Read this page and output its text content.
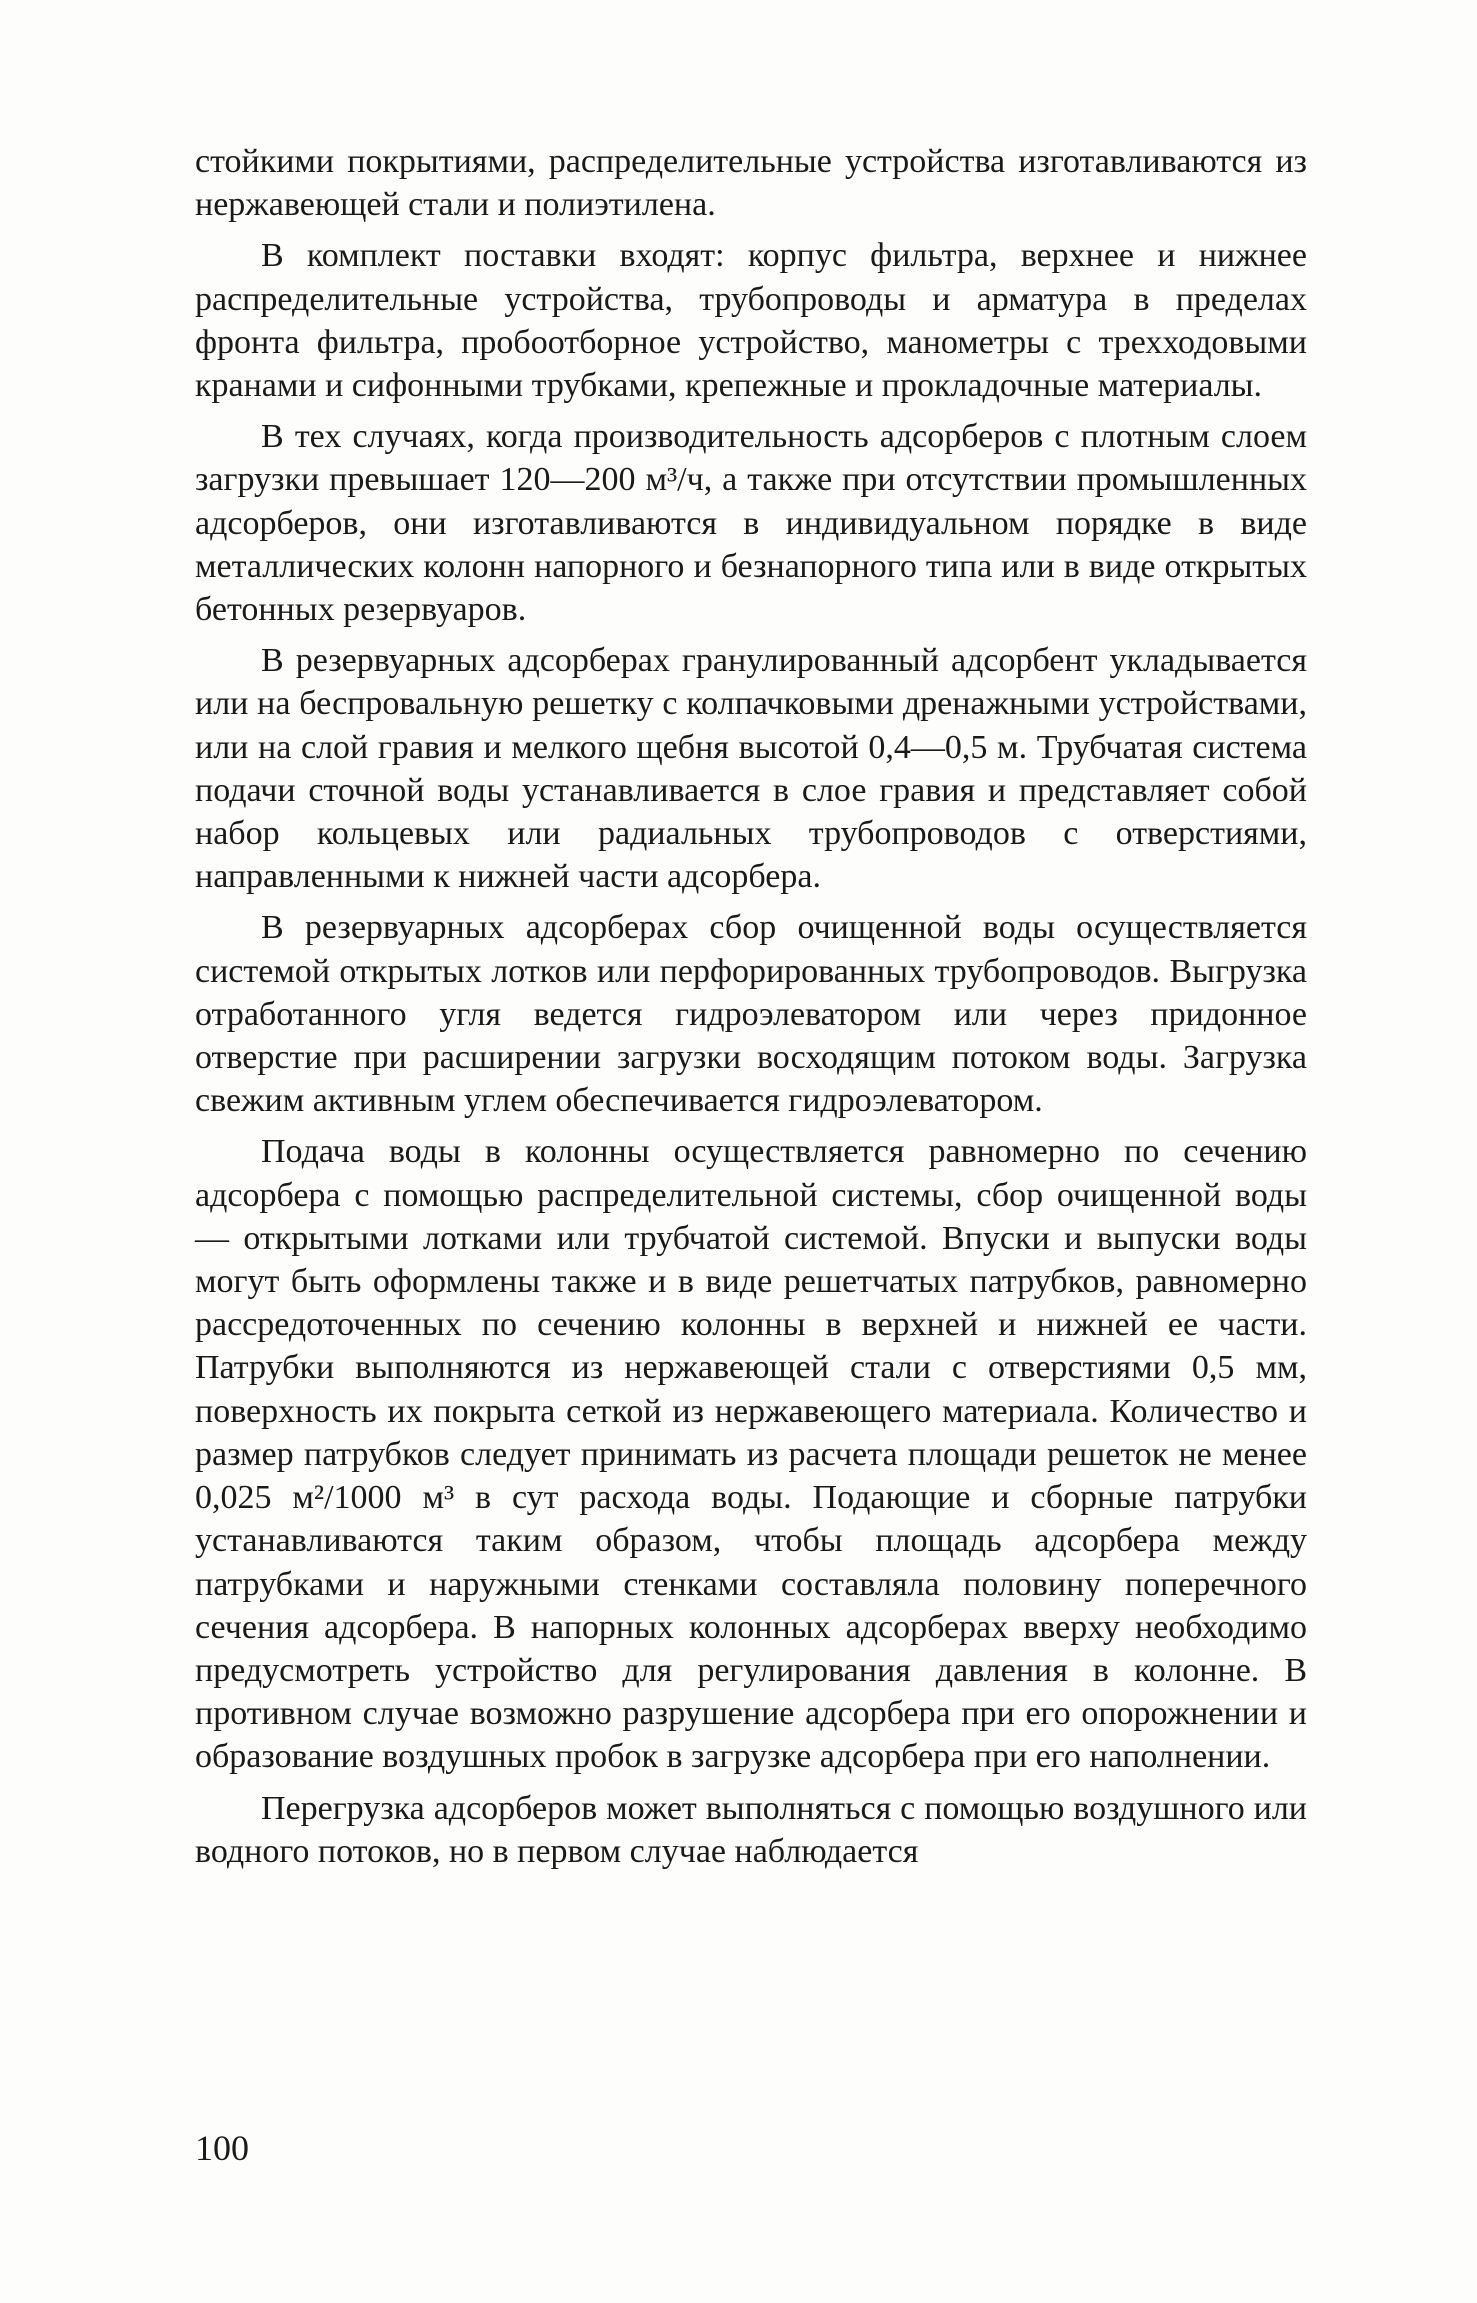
стойкими покрытиями, распределительные устройства изготавливаются из нержавеющей стали и полиэтилена.

В комплект поставки входят: корпус фильтра, верхнее и нижнее распределительные устройства, трубопроводы и арматура в пределах фронта фильтра, пробоотборное устройство, манометры с трехходовыми кранами и сифонными трубками, крепежные и прокладочные материалы.

В тех случаях, когда производительность адсорберов с плотным слоем загрузки превышает 120—200 м³/ч, а также при отсутствии промышленных адсорберов, они изготавливаются в индивидуальном порядке в виде металлических колонн напорного и безнапорного типа или в виде открытых бетонных резервуаров.

В резервуарных адсорберах гранулированный адсорбент укладывается или на беспровальную решетку с колпачковыми дренажными устройствами, или на слой гравия и мелкого щебня высотой 0,4—0,5 м. Трубчатая система подачи сточной воды устанавливается в слое гравия и представляет собой набор кольцевых или радиальных трубопроводов с отверстиями, направленными к нижней части адсорбера.

В резервуарных адсорберах сбор очищенной воды осуществляется системой открытых лотков или перфорированных трубопроводов. Выгрузка отработанного угля ведется гидроэлеватором или через придонное отверстие при расширении загрузки восходящим потоком воды. Загрузка свежим активным углем обеспечивается гидроэлеватором.

Подача воды в колонны осуществляется равномерно по сечению адсорбера с помощью распределительной системы, сбор очищенной воды — открытыми лотками или трубчатой системой. Впуски и выпуски воды могут быть оформлены также и в виде решетчатых патрубков, равномерно рассредоточенных по сечению колонны в верхней и нижней ее части. Патрубки выполняются из нержавеющей стали с отверстиями 0,5 мм, поверхность их покрыта сеткой из нержавеющего материала. Количество и размер патрубков следует принимать из расчета площади решеток не менее 0,025 м²/1000 м³ в сут расхода воды. Подающие и сборные патрубки устанавливаются таким образом, чтобы площадь адсорбера между патрубками и наружными стенками составляла половину поперечного сечения адсорбера. В напорных колонных адсорберах вверху необходимо предусмотреть устройство для регулирования давления в колонне. В противном случае возможно разрушение адсорбера при его опорожнении и образование воздушных пробок в загрузке адсорбера при его наполнении.

Перегрузка адсорберов может выполняться с помощью воздушного или водного потоков, но в первом случае наблюдается

100
